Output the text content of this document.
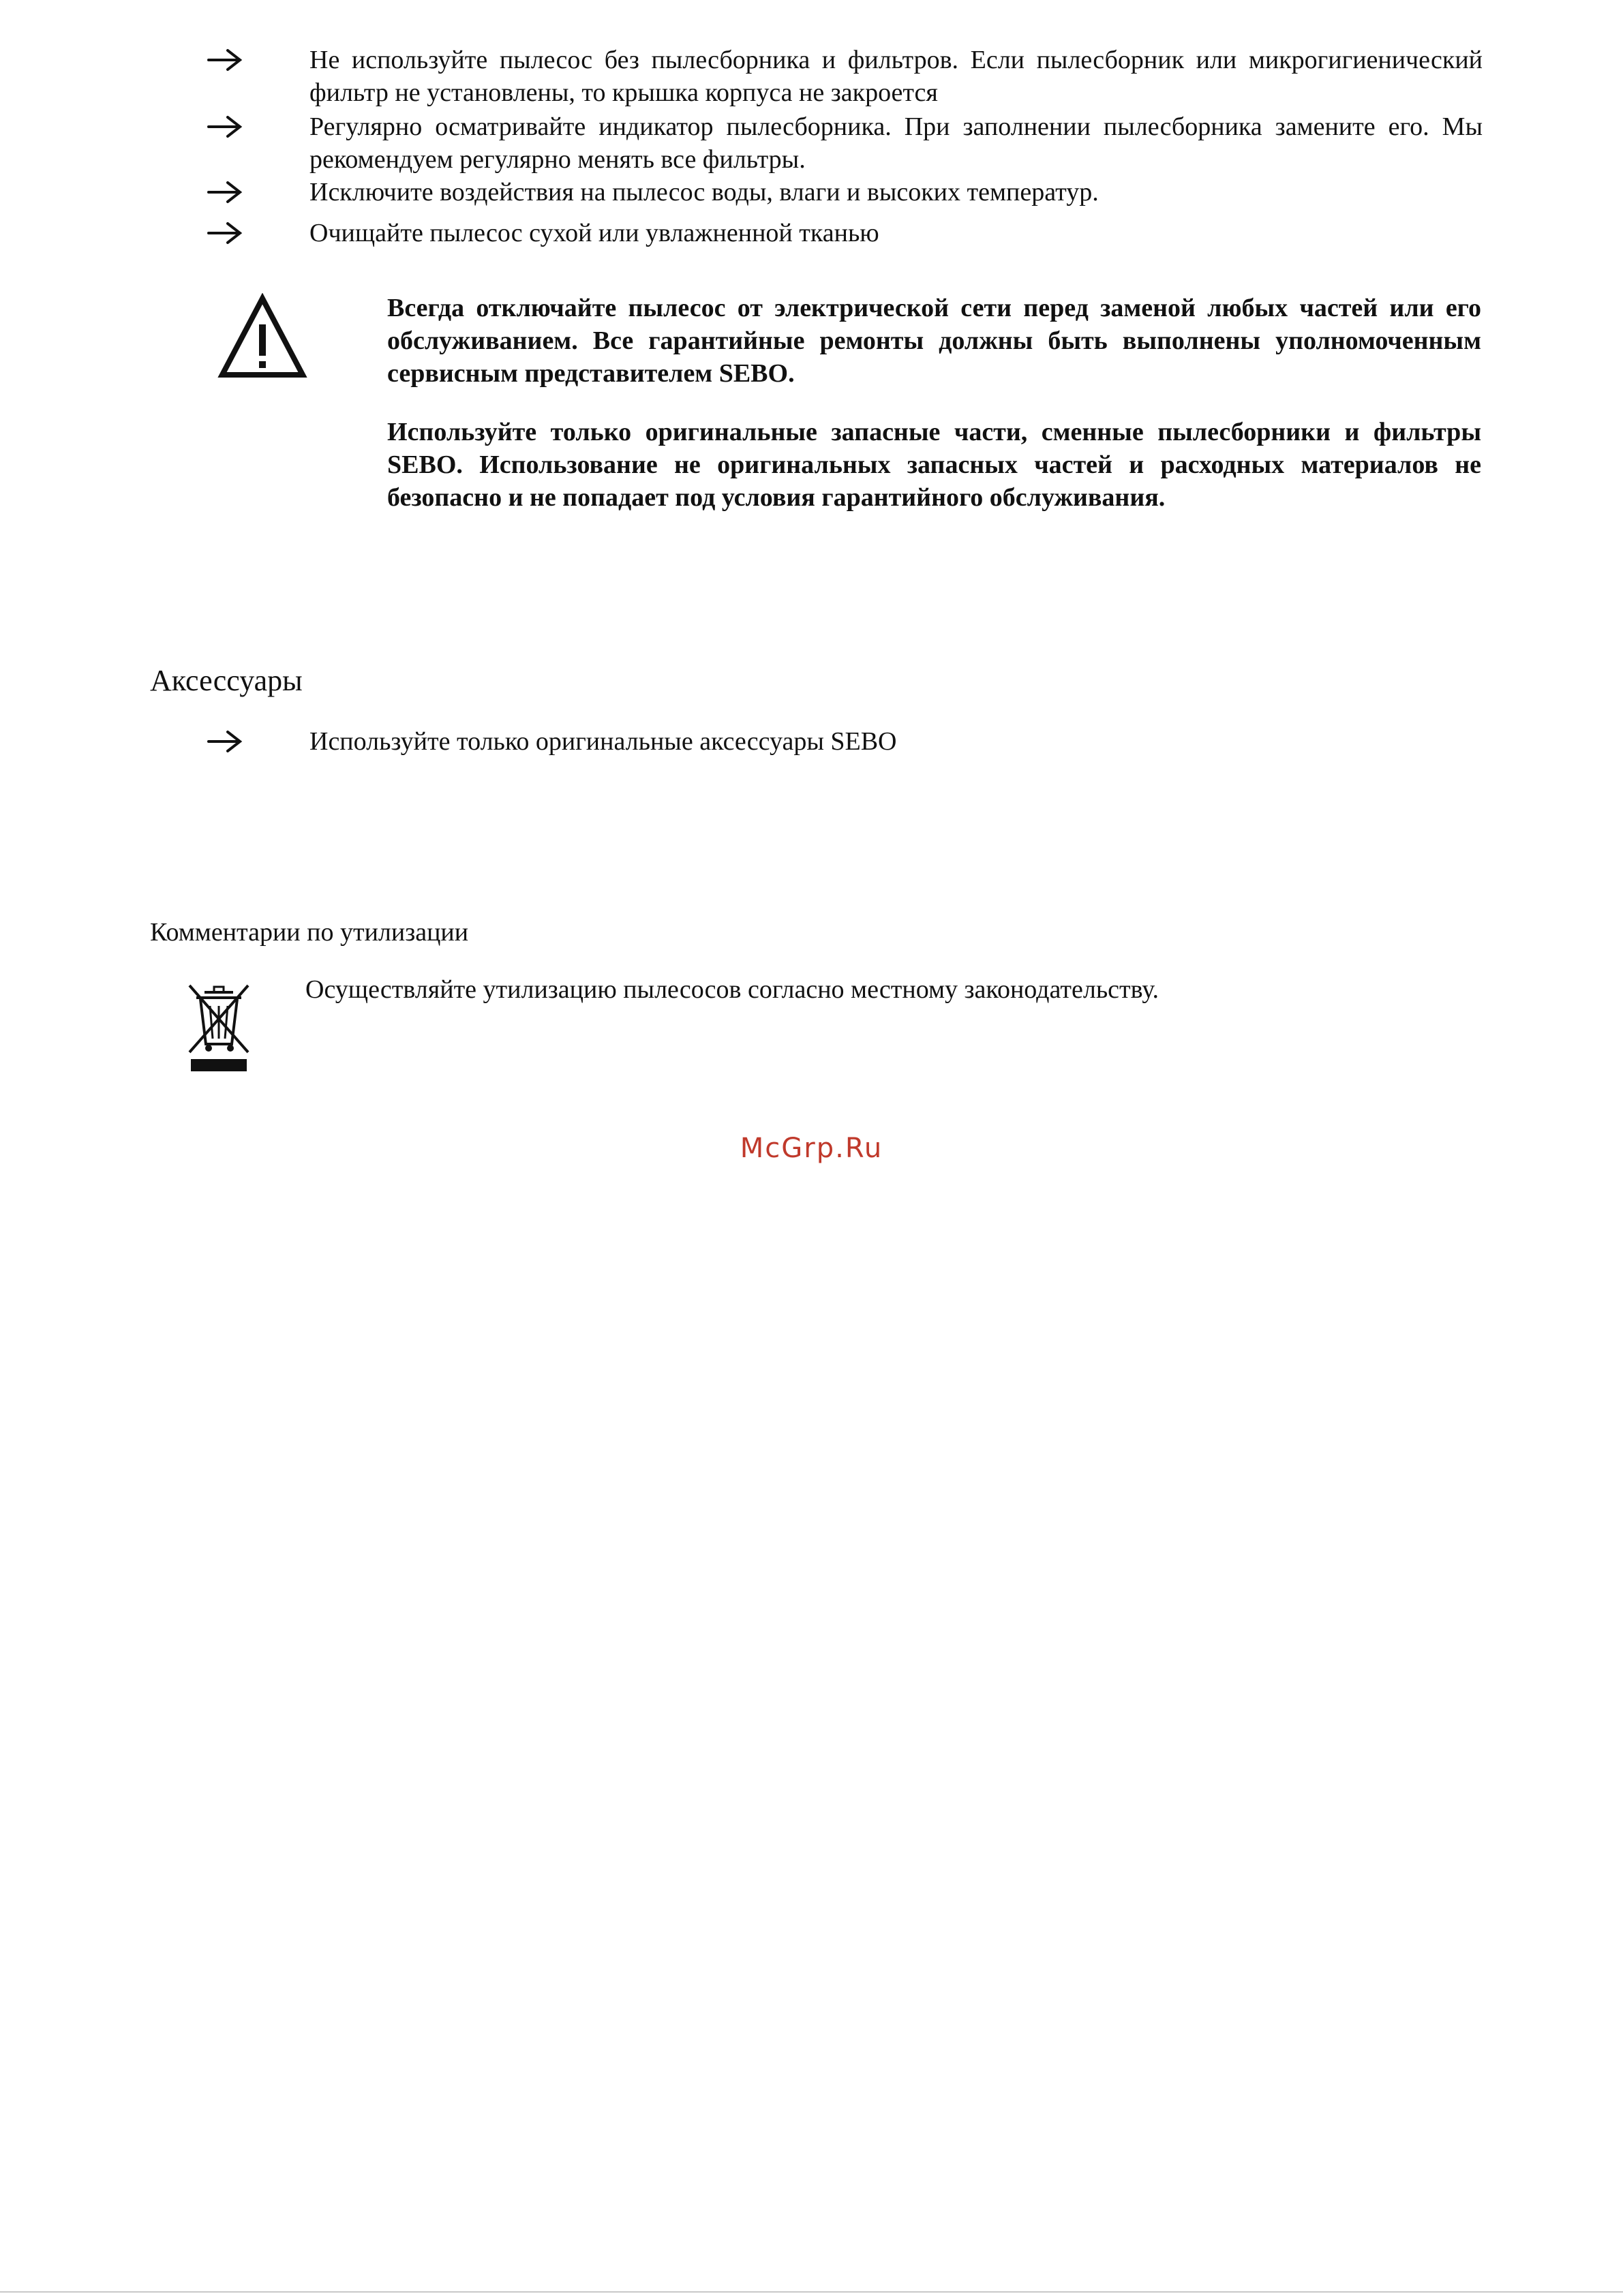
Не используйте пылесос без пылесборника и фильтров. Если пылесборник или микрогигиенический фильтр не установлены, то крышка корпуса не закроется
Регулярно осматривайте индикатор пылесборника. При заполнении пылесборника замените его. Мы рекомендуем регулярно менять все фильтры.
Исключите воздействия на пылесос воды, влаги и высоких температур.
Очищайте пылесос сухой или увлажненной тканью
Всегда отключайте пылесос от электрической сети перед заменой любых частей или его обслуживанием. Все гарантийные ремонты должны быть выполнены уполномоченным сервисным представителем SEBO.
Используйте только оригинальные запасные части, сменные пылесборники и фильтры SEBO. Использование не оригинальных запасных частей и расходных материалов не безопасно и не попадает под условия гарантийного обслуживания.
Аксессуары
Используйте только оригинальные аксессуары SEBO
Комментарии по утилизации
Осуществляйте утилизацию пылесосов согласно местному законодательству.
McGrp.Ru
